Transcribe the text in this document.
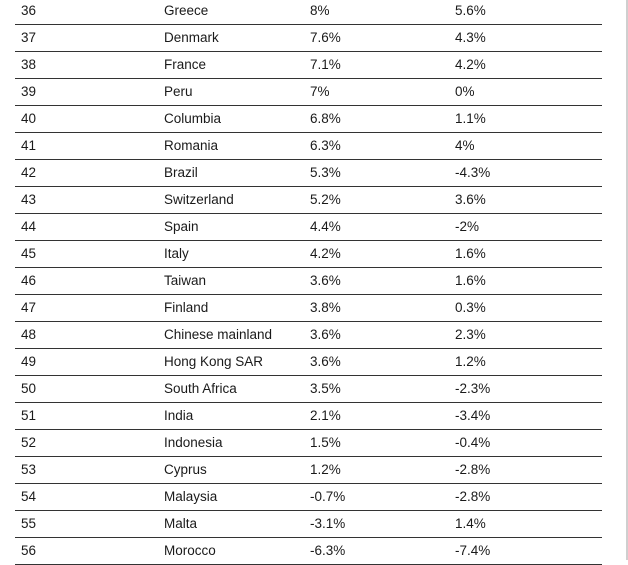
36	Greece	8%	5.6%
37	Denmark	7.6%	4.3%
38	France	7.1%	4.2%
39	Peru	7%	0%
40	Columbia	6.8%	1.1%
41	Romania	6.3%	4%
42	Brazil	5.3%	-4.3%
43	Switzerland	5.2%	3.6%
44	Spain	4.4%	-2%
45	Italy	4.2%	1.6%
46	Taiwan	3.6%	1.6%
47	Finland	3.8%	0.3%
48	Chinese mainland	3.6%	2.3%
49	Hong Kong SAR	3.6%	1.2%
50	South Africa	3.5%	-2.3%
51	India	2.1%	-3.4%
52	Indonesia	1.5%	-0.4%
53	Cyprus	1.2%	-2.8%
54	Malaysia	-0.7%	-2.8%
55	Malta	-3.1%	1.4%
56	Morocco	-6.3%	-7.4%
